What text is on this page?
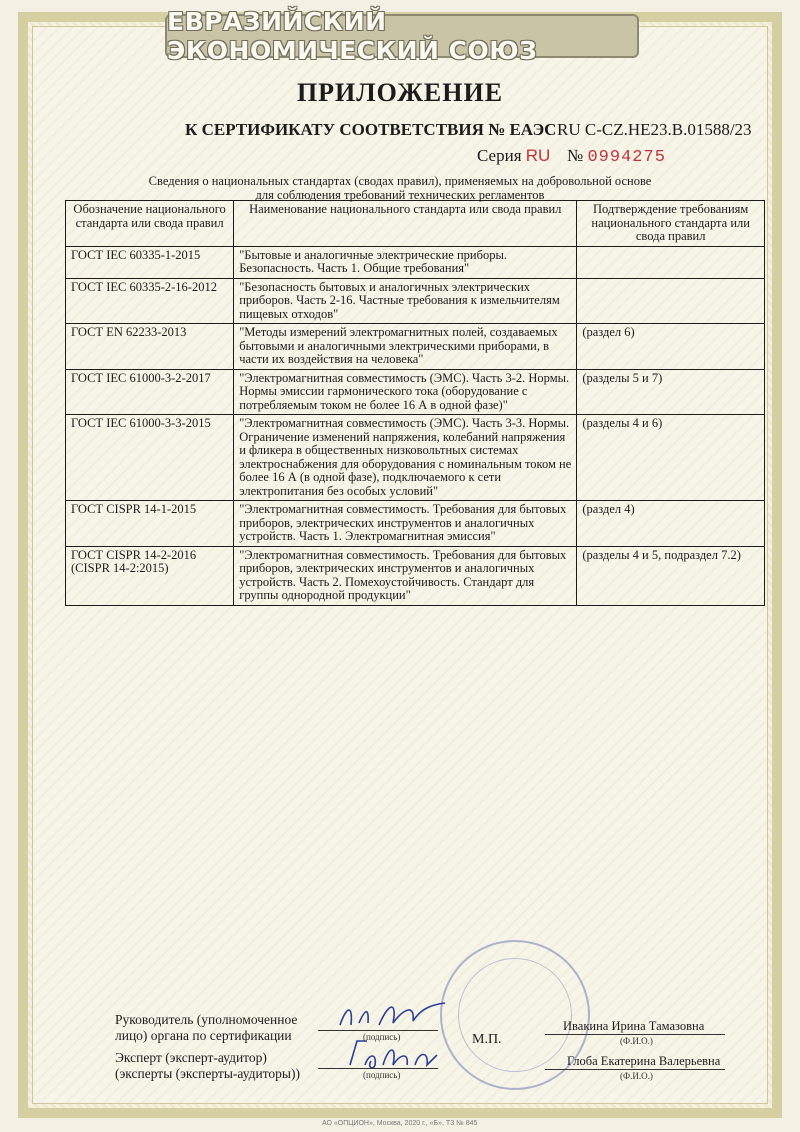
ЕВРАЗИЙСКИЙ ЭКОНОМИЧЕСКИЙ СОЮЗ
ПРИЛОЖЕНИЕ
К СЕРТИФИКАТУ СООТВЕТСТВИЯ № ЕАЭС RU C-CZ.HE23.B.01588/23
Серия RU № 0994275
Сведения о национальных стандартах (сводах правил), применяемых на добровольной основе
для соблюдения требований технических регламентов
Обозначение национального стандарта или свода правил	Наименование национального стандарта или свода правил	Подтверждение требованиям национального стандарта или свода правил
ГОСТ IEC 60335-1-2015	"Бытовые и аналогичные электрические приборы. Безопасность. Часть 1. Общие требования"	
ГОСТ IEC 60335-2-16-2012	"Безопасность бытовых и аналогичных электрических приборов. Часть 2-16. Частные требования к измельчителям пищевых отходов"	
ГОСТ EN 62233-2013	"Методы измерений электромагнитных полей, создаваемых бытовыми и аналогичными электрическими приборами, в части их воздействия на человека"	(раздел 6)
ГОСТ IEC 61000-3-2-2017	"Электромагнитная совместимость (ЭМС). Часть 3-2. Нормы. Нормы эмиссии гармонического тока (оборудование с потребляемым током не более 16 А в одной фазе)"	(разделы 5 и 7)
ГОСТ IEC 61000-3-3-2015	"Электромагнитная совместимость (ЭМС). Часть 3-3. Нормы. Ограничение изменений напряжения, колебаний напряжения и фликера в общественных низковольтных системах электроснабжения для оборудования с номинальным током не более 16 А (в одной фазе), подключаемого к сети электропитания без особых условий"	(разделы 4 и 6)
ГОСТ CISPR 14-1-2015	"Электромагнитная совместимость. Требования для бытовых приборов, электрических инструментов и аналогичных устройств. Часть 1. Электромагнитная эмиссия"	(раздел 4)
ГОСТ CISPR 14-2-2016 (CISPR 14-2:2015)	"Электромагнитная совместимость. Требования для бытовых приборов, электрических инструментов и аналогичных устройств. Часть 2. Помехоустойчивость. Стандарт для группы однородной продукции"	(разделы 4 и 5, подраздел 7.2)
Руководитель (уполномоченное
лицо) органа по сертификации
Эксперт (эксперт-аудитор)
(эксперты (эксперты-аудиторы))
(подпись)
(подпись)
М.П.
Ивакина Ирина Тамазовна
(Ф.И.О.)
Глоба Екатерина Валерьевна
(Ф.И.О.)
АО «ОПЦИОН», Москва, 2020 г., «Б», ТЗ № 845
